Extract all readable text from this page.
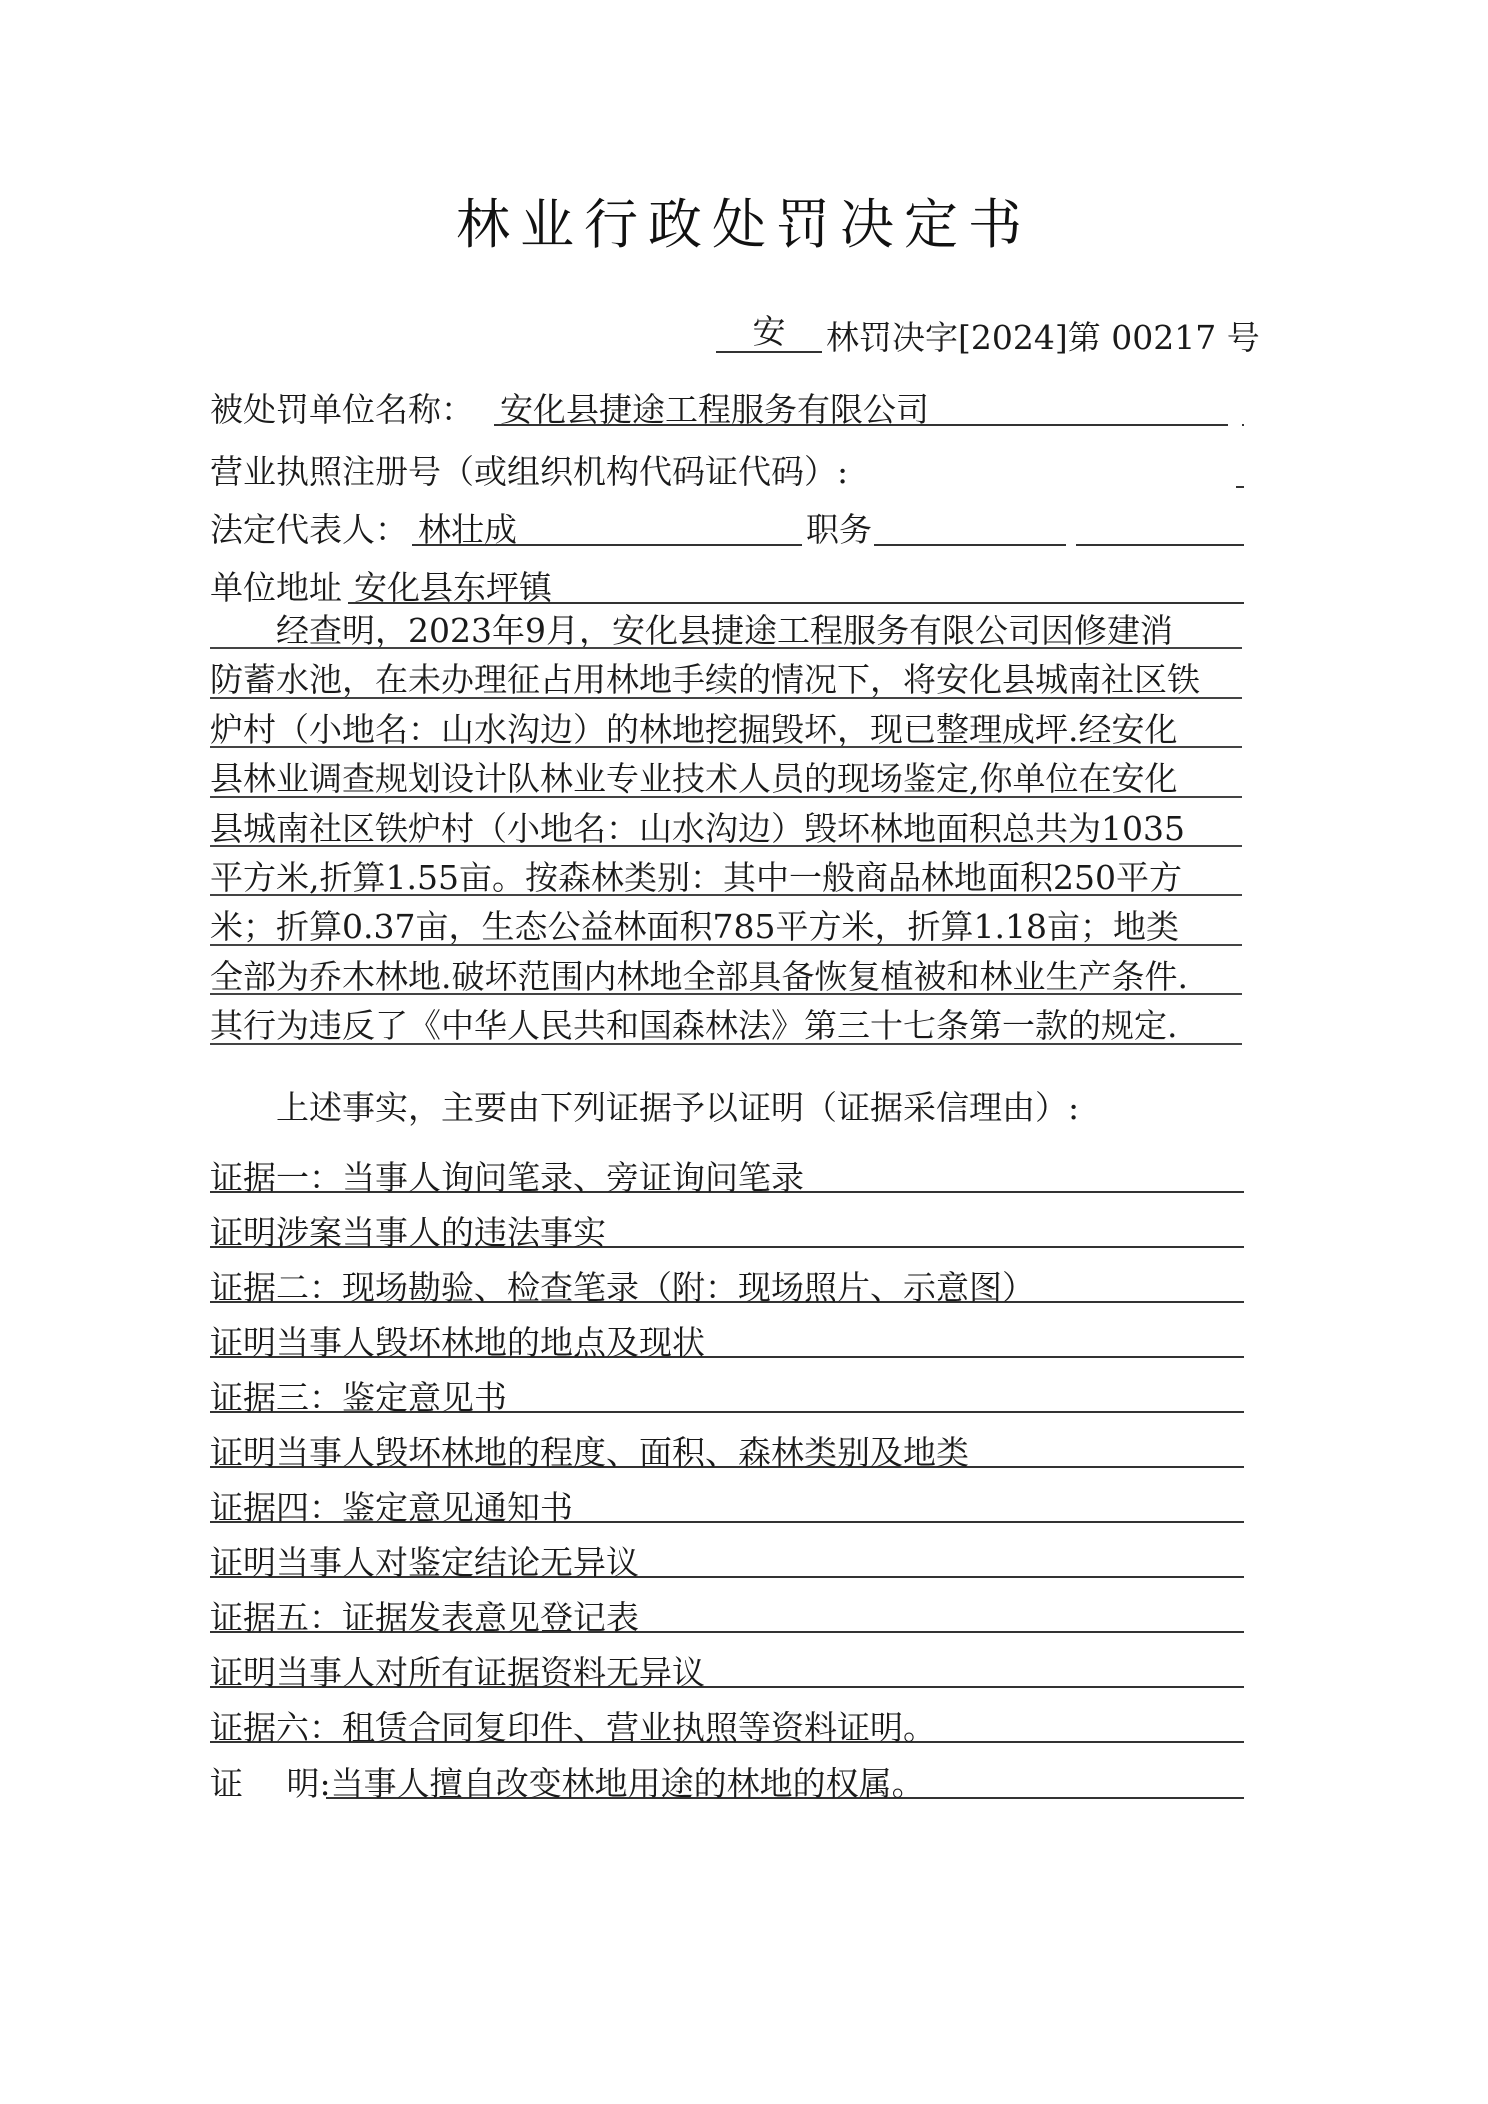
林业行政处罚决定书
安	林罚决字[2024]第 00217 号
被处罚单位名称： 安化县捷途工程服务有限公司
营业执照注册号（或组织机构代码证代码）:
法定代表人： 林壮成	职务
单位地址 安化县东坪镇
　　经查明，2023年9月，安化县捷途工程服务有限公司因修建消
防蓄水池，在未办理征占用林地手续的情况下，将安化县城南社区铁
炉村（小地名：山水沟边）的林地挖掘毁坏，现已整理成坪.经安化
县林业调查规划设计队林业专业技术人员的现场鉴定,你单位在安化
县城南社区铁炉村（小地名：山水沟边）毁坏林地面积总共为1035
平方米,折算1.55亩。按森林类别：其中一般商品林地面积250平方
米；折算0.37亩，生态公益林面积785平方米，折算1.18亩；地类
全部为乔木林地.破坏范围内林地全部具备恢复植被和林业生产条件.
其行为违反了《中华人民共和国森林法》第三十七条第一款的规定.
　　上述事实，主要由下列证据予以证明（证据采信理由）:
证据一：当事人询问笔录、旁证询问笔录
证明涉案当事人的违法事实
证据二：现场勘验、检查笔录（附：现场照片、示意图）
证明当事人毁坏林地的地点及现状
证据三：鉴定意见书
证明当事人毁坏林地的程度、面积、森林类别及地类
证据四：鉴定意见通知书
证明当事人对鉴定结论无异议
证据五：证据发表意见登记表
证明当事人对所有证据资料无异议
证据六：租赁合同复印件、营业执照等资料证明。
证　 明:当事人擅自改变林地用途的林地的权属。
